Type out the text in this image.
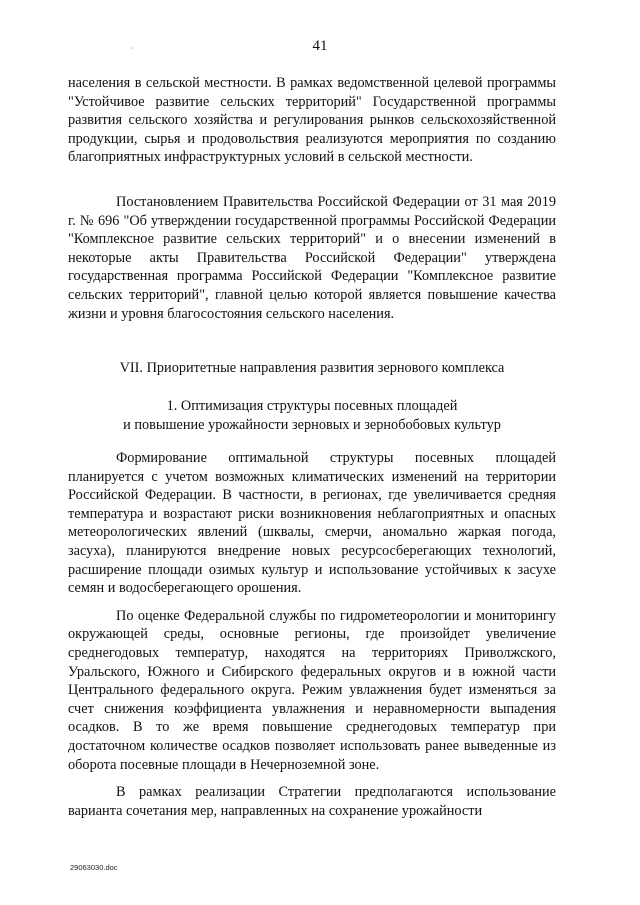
41
·

населения в сельской местности. В рамках ведомственной целевой программы "Устойчивое развитие сельских территорий" Государственной программы развития сельского хозяйства и регулирования рынков сельскохозяйственной продукции, сырья и продовольствия реализуются мероприятия по созданию благоприятных инфраструктурных условий в сельской местности.

Постановлением Правительства Российской Федерации от 31 мая 2019 г. № 696 "Об утверждении государственной программы Российской Федерации "Комплексное развитие сельских территорий" и о внесении изменений в некоторые акты Правительства Российской Федерации" утверждена государственная программа Российской Федерации "Комплексное развитие сельских территорий", главной целью которой является повышение качества жизни и уровня благосостояния сельского населения.

VII. Приоритетные направления развития зернового комплекса

1. Оптимизация структуры посевных площадей

и повышение урожайности зерновых и зернобобовых культур

Формирование оптимальной структуры посевных площадей планируется с учетом возможных климатических изменений на территории Российской Федерации. В частности, в регионах, где увеличивается средняя температура и возрастают риски возникновения неблагоприятных и опасных метеорологических явлений (шквалы, смерчи, аномально жаркая погода, засуха), планируются внедрение новых ресурсосберегающих технологий, расширение площади озимых культур и использование устойчивых к засухе семян и водосберегающего орошения.

По оценке Федеральной службы по гидрометеорологии и мониторингу окружающей среды, основные регионы, где произойдет увеличение среднегодовых температур, находятся на территориях Приволжского, Уральского, Южного и Сибирского федеральных округов и в южной части Центрального федерального округа. Режим увлажнения будет изменяться за счет снижения коэффициента увлажнения и неравномерности выпадения осадков. В то же время повышение среднегодовых температур при достаточном количестве осадков позволяет использовать ранее выведенные из оборота посевные площади в Нечерноземной зоне.

В рамках реализации Стратегии предполагаются использование варианта сочетания мер, направленных на сохранение урожайности

29063030.doc
